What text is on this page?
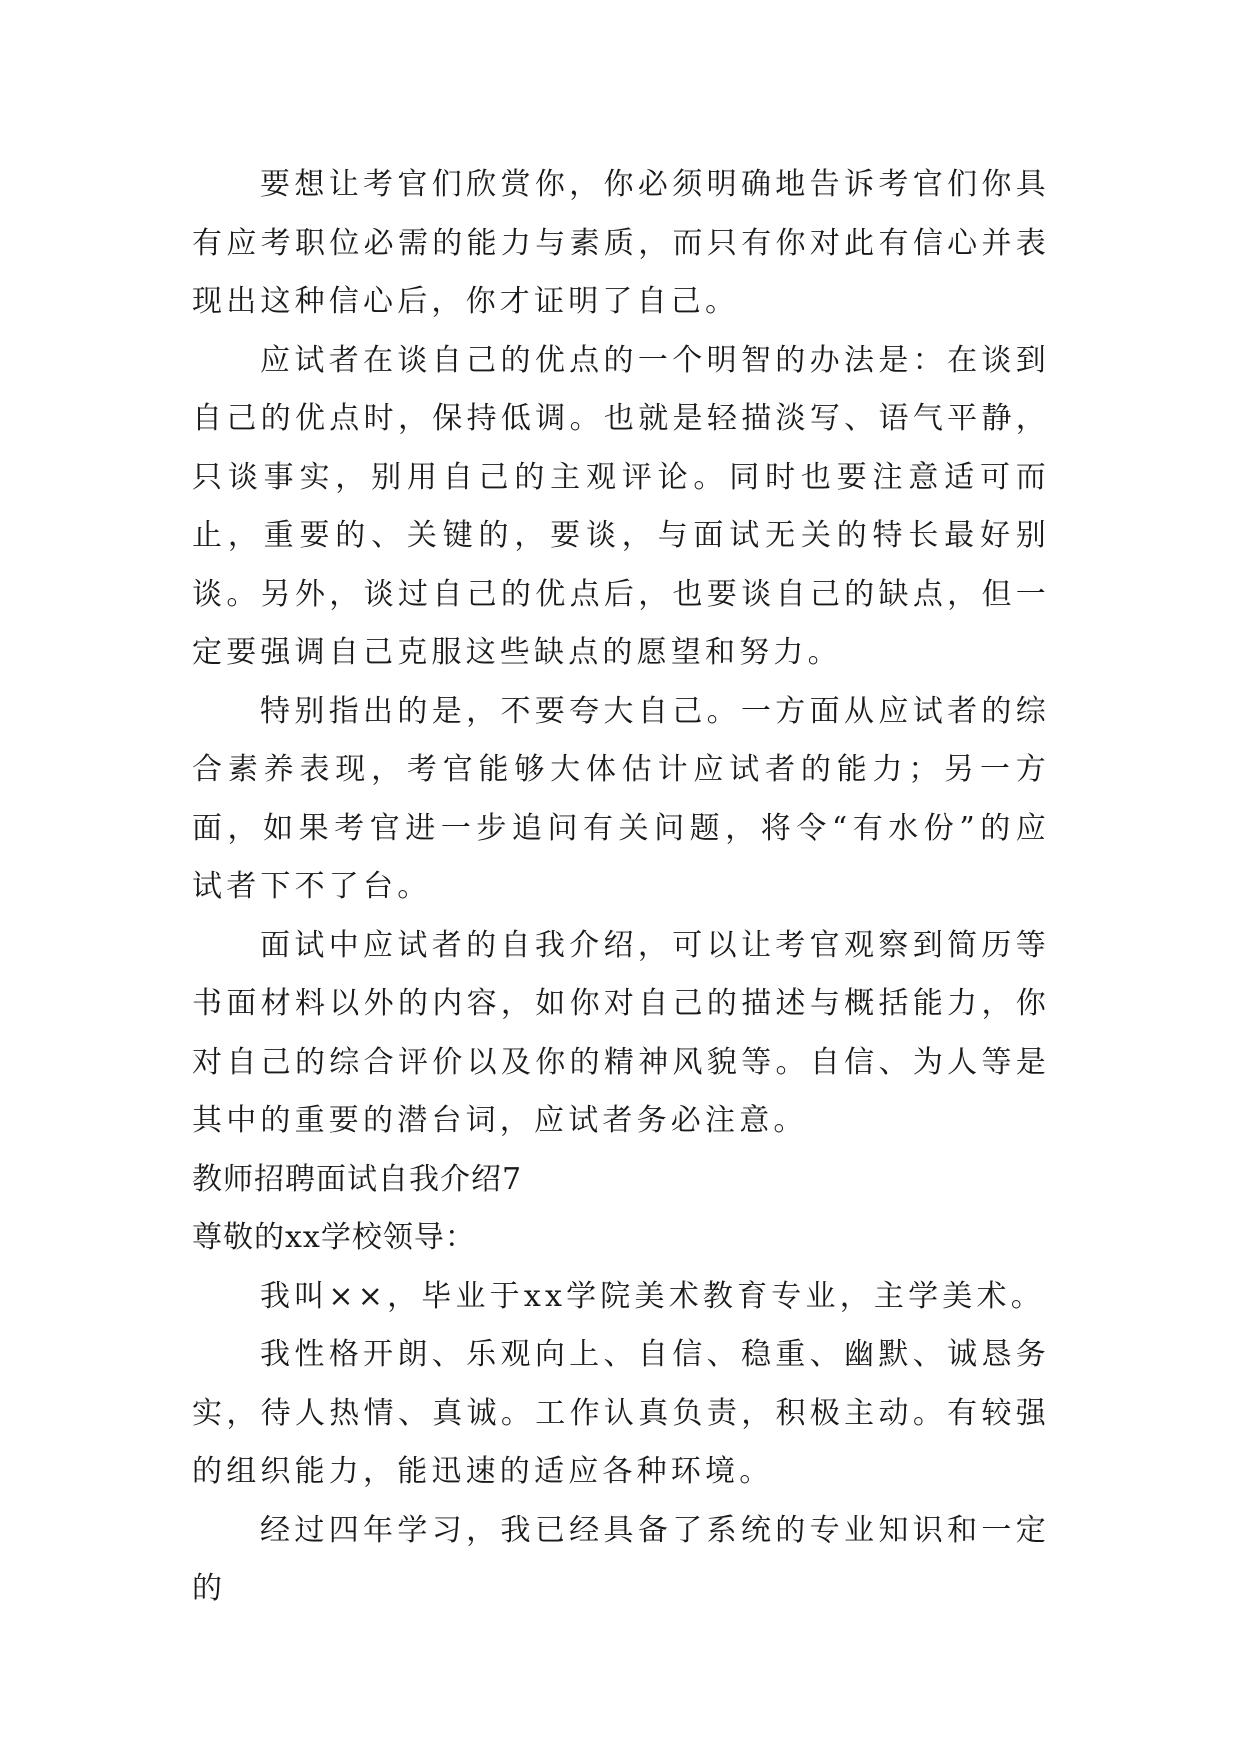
要想让考官们欣赏你，你必须明确地告诉考官们你具有应考职位必需的能力与素质，而只有你对此有信心并表现出这种信心后，你才证明了自己。

应试者在谈自己的优点的一个明智的办法是：在谈到自己的优点时，保持低调。也就是轻描淡写、语气平静，只谈事实，别用自己的主观评论。同时也要注意适可而止，重要的、关键的，要谈，与面试无关的特长最好别谈。另外，谈过自己的优点后，也要谈自己的缺点，但一定要强调自己克服这些缺点的愿望和努力。

特别指出的是，不要夸大自己。一方面从应试者的综合素养表现，考官能够大体估计应试者的能力；另一方面，如果考官进一步追问有关问题，将令“有水份”的应试者下不了台。

面试中应试者的自我介绍，可以让考官观察到简历等书面材料以外的内容，如你对自己的描述与概括能力，你对自己的综合评价以及你的精神风貌等。自信、为人等是其中的重要的潜台词，应试者务必注意。

教师招聘面试自我介绍7

尊敬的xx学校领导：

我叫××，毕业于xx学院美术教育专业，主学美术。

我性格开朗、乐观向上、自信、稳重、幽默、诚恳务实，待人热情、真诚。工作认真负责，积极主动。有较强的组织能力，能迅速的适应各种环境。

经过四年学习，我已经具备了系统的专业知识和一定的
